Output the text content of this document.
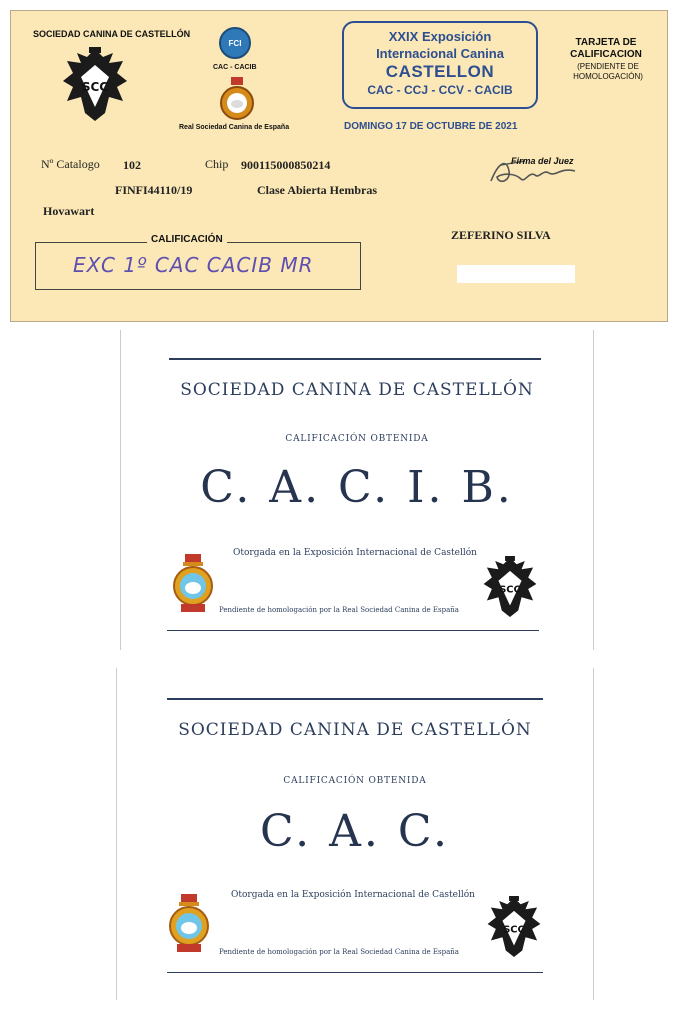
SOCIEDAD CANINA DE CASTELLÓN
SCC
FCI
CAC - CACIB
Real Sociedad Canina de España
XXIX Exposición
Internacional Canina
CASTELLON
CAC - CCJ - CCV - CACIB
DOMINGO 17 DE OCTUBRE DE 2021
TARJETA DE CALIFICACION
(PENDIENTE DE HOMOLOGACIÓN)
Nº Catalogo 102	Chip 900115000850214
FINFI44110/19	Clase Abierta Hembras
Hovawart
Firma del Juez
CALIFICACIÓN
EXC 1º CAC CACIB MR
ZEFERINO SILVA
SOCIEDAD CANINA DE CASTELLÓN
CALIFICACIÓN OBTENIDA
C. A. C. I. B.
Otorgada en la Exposición Internacional de Castellón
Pendiente de homologación por la Real Sociedad Canina de España
SCC
SOCIEDAD CANINA DE CASTELLÓN
CALIFICACIÓN OBTENIDA
C. A. C.
Otorgada en la Exposición Internacional de Castellón
Pendiente de homologación por la Real Sociedad Canina de España
SCC
